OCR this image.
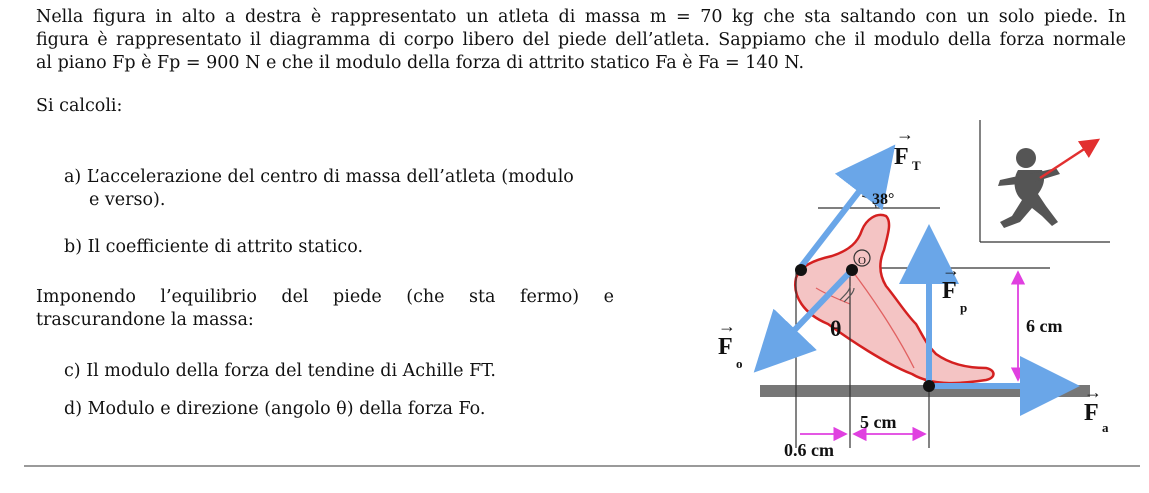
Nella figura in alto a destra è rappresentato un atleta di massa m = 70 kg che sta saltando con un solo piede. In
figura è rappresentato il diagramma di corpo libero del piede dell’atleta. Sappiamo che il modulo della forza normale
al piano Fp è Fp = 900 N e che il modulo della forza di attrito statico Fa è Fa = 140 N.
Si calcoli:
a) L’accelerazione del centro di massa dell’atleta (modulo
e verso).
b) Il coefficiente di attrito statico.
Imponendo l’equilibrio del piede (che sta fermo) e
trascurandone la massa:
c) Il modulo della forza del tendine di Achille FT.
d) Modulo e direzione (angolo θ) della forza Fo.
F T
→
F
p
→
F
o
→
F
a
→
38°
θ	6 cm
5 cm
0.6 cm
O
